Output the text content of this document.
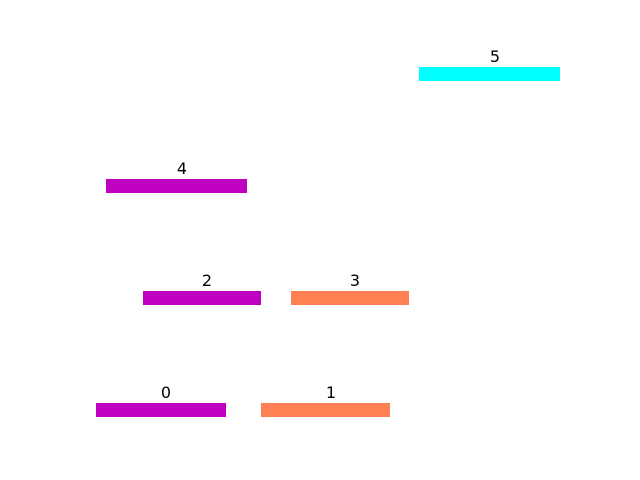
0	1
2	3
4
5
